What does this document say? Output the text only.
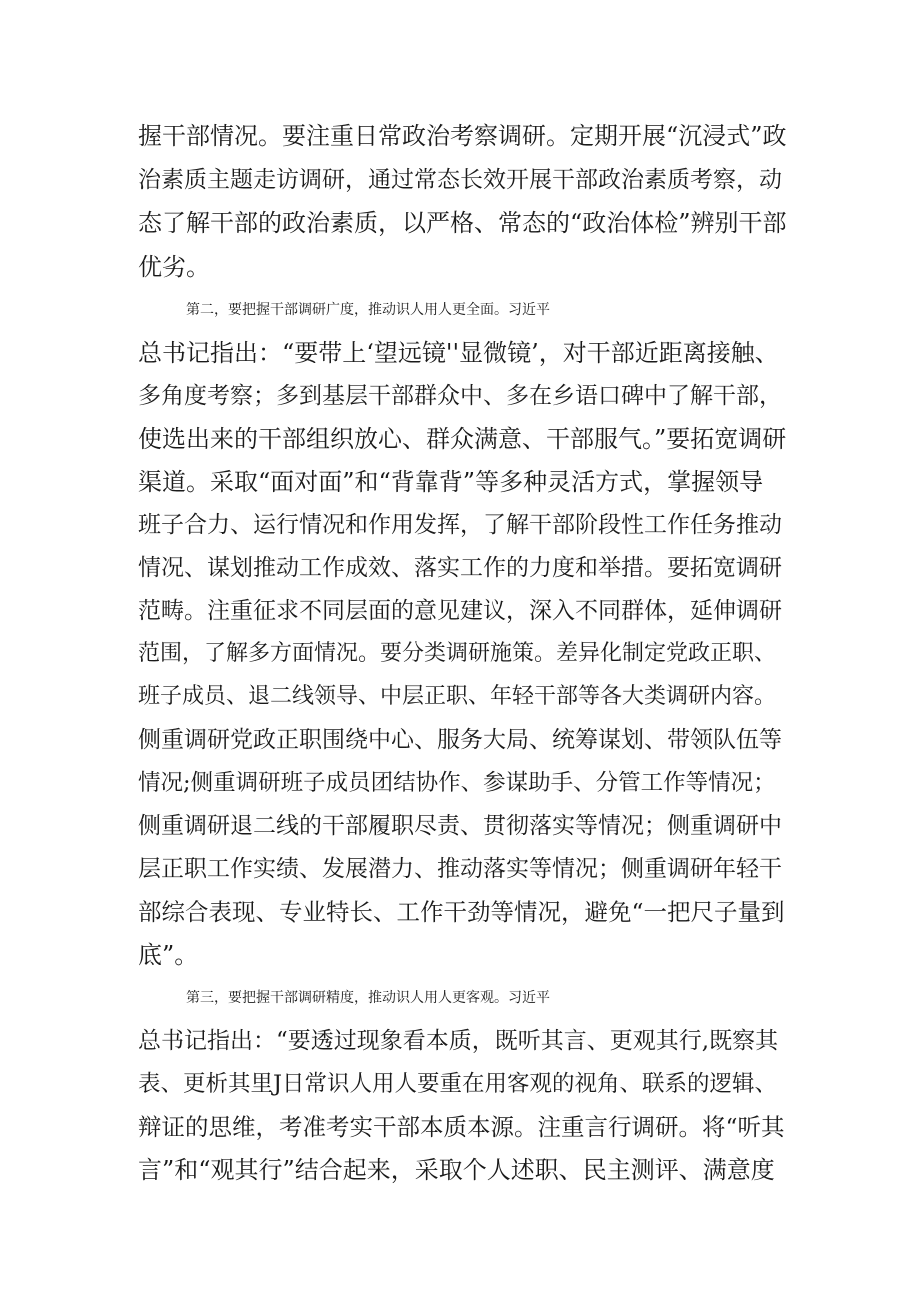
握干部情况。要注重日常政治考察调研。定期开展“沉浸式”政
治素质主题走访调研，通过常态长效开展干部政治素质考察，动
态了解干部的政治素质，以严格、常态的“政治体检”辨别干部
优劣。
第二，要把握干部调研广度，推动识人用人更全面。习近平
总书记指出：“要带上‘望远镜''显微镜’，对干部近距离接触、
多角度考察；多到基层干部群众中、多在乡语口碑中了解干部，
使选出来的干部组织放心、群众满意、干部服气。”要拓宽调研
渠道。采取“面对面”和“背靠背”等多种灵活方式，掌握领导
班子合力、运行情况和作用发挥，了解干部阶段性工作任务推动
情况、谋划推动工作成效、落实工作的力度和举措。要拓宽调研
范畴。注重征求不同层面的意见建议，深入不同群体，延伸调研
范围，了解多方面情况。要分类调研施策。差异化制定党政正职、
班子成员、退二线领导、中层正职、年轻干部等各大类调研内容。
侧重调研党政正职围绕中心、服务大局、统筹谋划、带领队伍等
情况;侧重调研班子成员团结协作、参谋助手、分管工作等情况；
侧重调研退二线的干部履职尽责、贯彻落实等情况；侧重调研中
层正职工作实绩、发展潜力、推动落实等情况；侧重调研年轻干
部综合表现、专业特长、工作干劲等情况，避免“一把尺子量到
底”。
第三，要把握干部调研精度，推动识人用人更客观。习近平
总书记指出：“要透过现象看本质，既听其言、更观其行,既察其
表、更析其里J日常识人用人要重在用客观的视角、联系的逻辑、
辩证的思维，考准考实干部本质本源。注重言行调研。将“听其
言”和“观其行”结合起来，采取个人述职、民主测评、满意度
